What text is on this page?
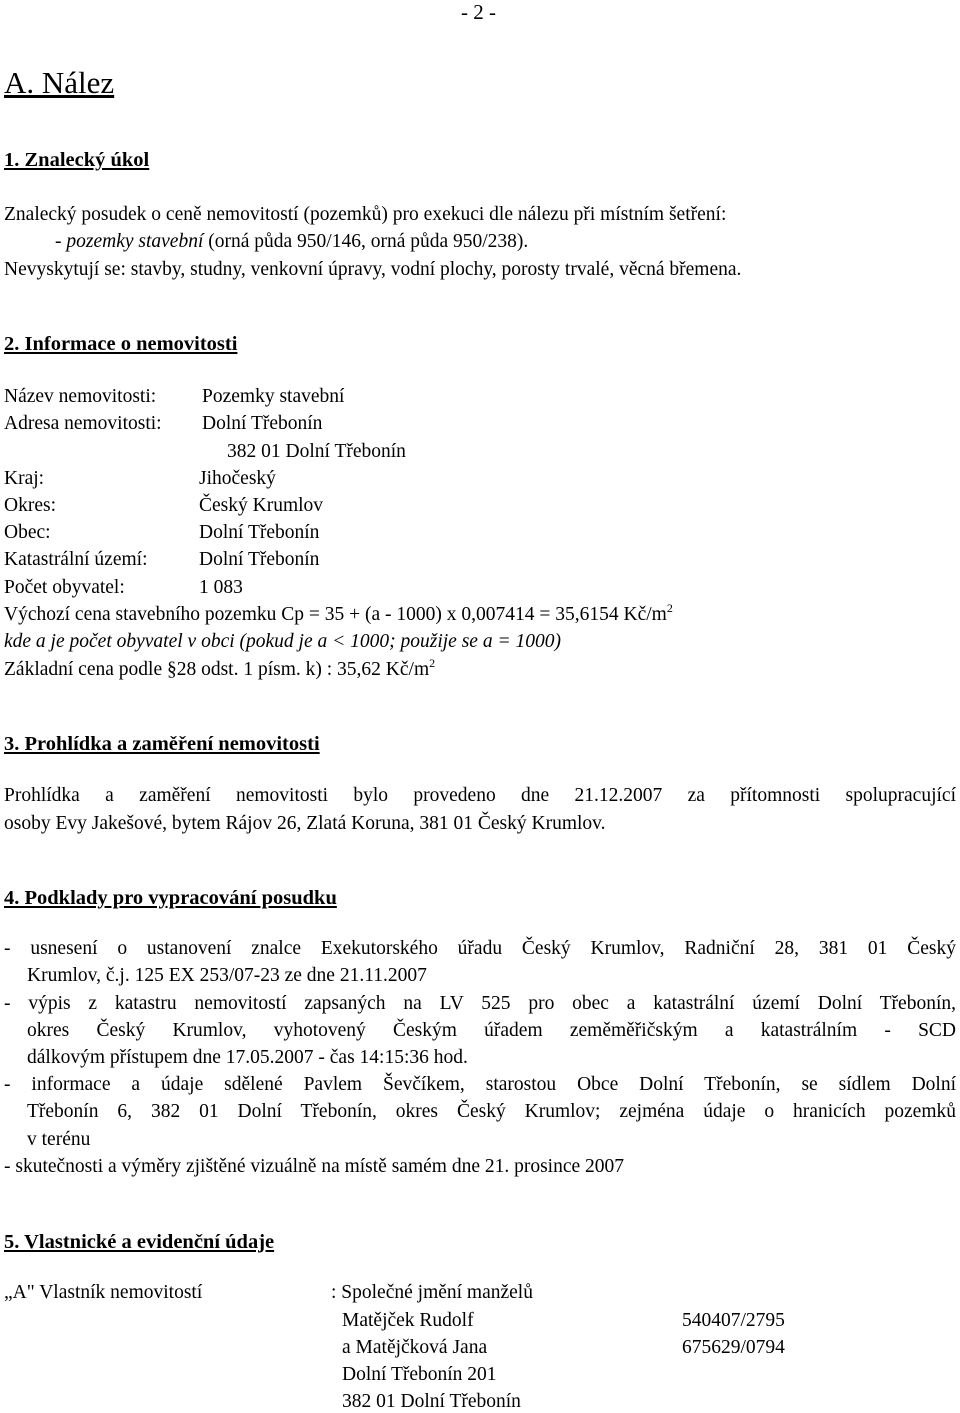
- 2 -
A. Nález
1. Znalecký úkol
Znalecký posudek o ceně nemovitostí (pozemků) pro exekuci dle nálezu při místním šetření:
- pozemky stavební (orná půda 950/146, orná půda 950/238).
Nevyskytují se: stavby, studny, venkovní úpravy, vodní plochy, porosty trvalé, věcná břemena.
2. Informace o nemovitosti
Název nemovitosti: Pozemky stavební
Adresa nemovitosti: Dolní Třebonín
382 01 Dolní Třebonín
Kraj:	Jihočeský
Okres:	Český Krumlov
Obec:	Dolní Třebonín
Katastrální území:	Dolní Třebonín
Počet obyvatel:	1 083
Výchozí cena stavebního pozemku Cp = 35 + (a - 1000) x 0,007414 = 35,6154 $Kč/m^2$
kde a je počet obyvatel v obci (pokud je a < 1000; použije se a = 1000)
Základní cena podle §28 odst. 1 písm. k) : 35,62 $Kč/m^2$
3. Prohlídka a zaměření nemovitosti
Prohlídka a zaměření nemovitosti bylo provedeno dne 21.12.2007 za přítomnosti spolupracující
osoby Evy Jakešové, bytem Rájov 26, Zlatá Koruna, 381 01 Český Krumlov.
4. Podklady pro vypracování posudku
- usnesení o ustanovení znalce Exekutorského úřadu Český Krumlov, Radniční 28, 381 01 Český
Krumlov, č.j. 125 EX 253/07-23 ze dne 21.11.2007
- výpis z katastru nemovitostí zapsaných na LV 525 pro obec a katastrální území Dolní Třebonín,
okres Český Krumlov, vyhotovený Českým úřadem zeměměřičským a katastrálním - SCD
dálkovým přístupem dne 17.05.2007 - čas 14:15:36 hod.
- informace a údaje sdělené Pavlem Ševčíkem, starostou Obce Dolní Třebonín, se sídlem Dolní
Třebonín 6, 382 01 Dolní Třebonín, okres Český Krumlov; zejména údaje o hranicích pozemků
v terénu
- skutečnosti a výměry zjištěné vizuálně na místě samém dne 21. prosince 2007
5. Vlastnické a evidenční údaje
„A" Vlastník nemovitostí	: Společné jmění manželů
Matějček Rudolf	540407/2795
a Matějčková Jana	675629/0794
Dolní Třebonín 201
382 01 Dolní Třebonín
